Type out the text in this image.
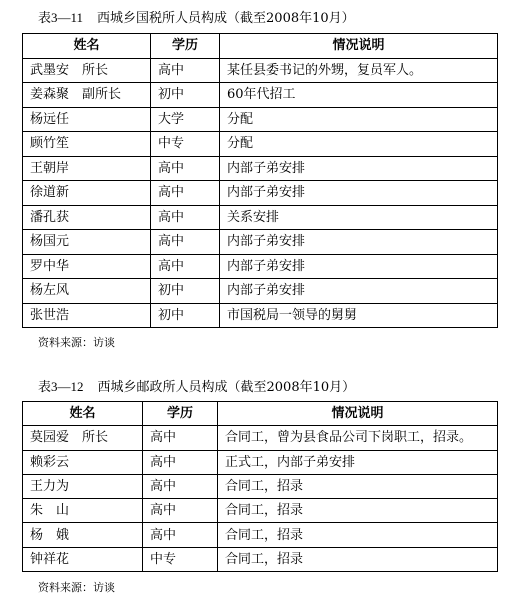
表3—11 西城乡国税所人员构成（截至2008年10月）
姓名	学历	情况说明
武墨安　所长	高中	某任县委书记的外甥，复员军人。
姜森聚　副所长	初中	60年代招工
杨远任	大学	分配
顾竹笙	中专	分配
王朝岸	高中	内部子弟安排
徐道新	高中	内部子弟安排
潘孔获	高中	关系安排
杨国元	高中	内部子弟安排
罗中华	高中	内部子弟安排
杨左风	初中	内部子弟安排
张世浩	初中	市国税局一领导的舅舅
资料来源：访谈
表3—12 西城乡邮政所人员构成（截至2008年10月）
姓名	学历	情况说明
莫园爱　所长	高中	合同工，曾为县食品公司下岗职工，招录。
赖彩云	高中	正式工，内部子弟安排
王力为	高中	合同工，招录
朱　山	高中	合同工，招录
杨　娥	高中	合同工，招录
钟祥花	中专	合同工，招录
资料来源：访谈
